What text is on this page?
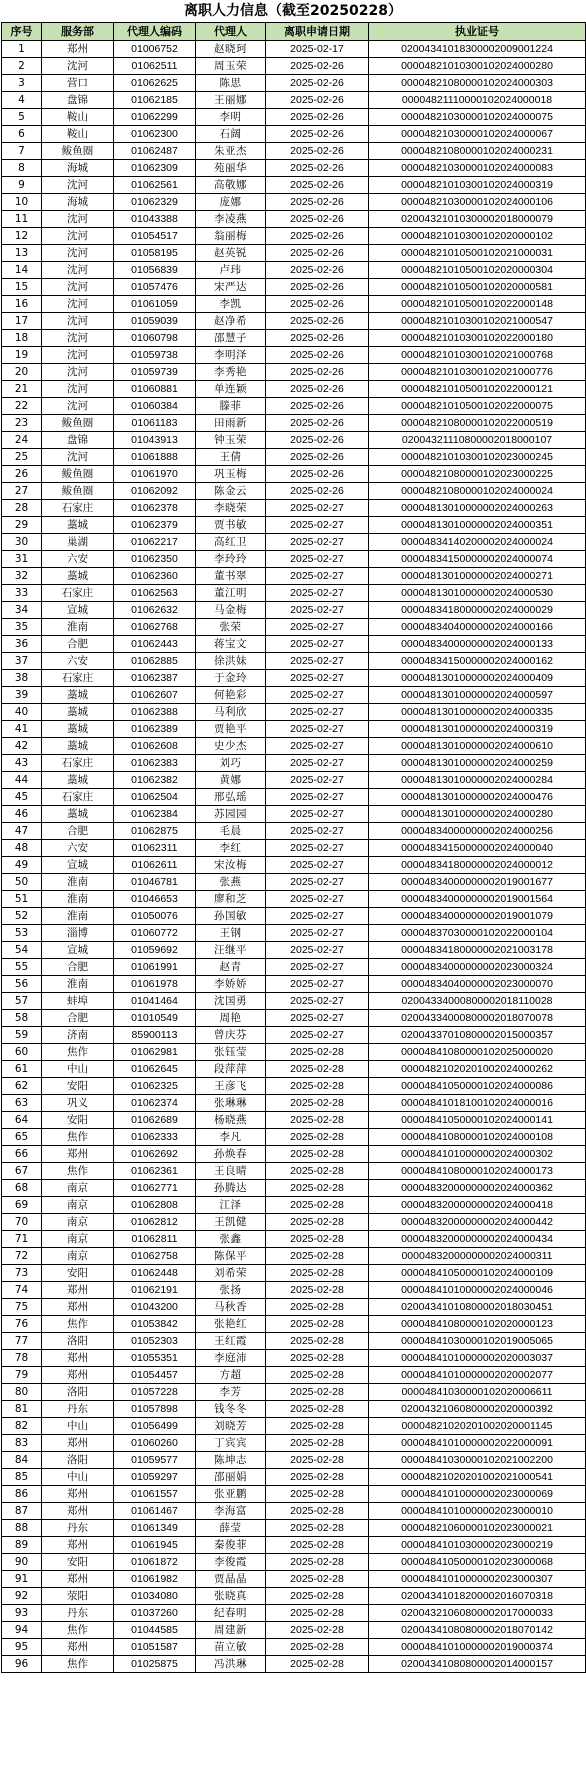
离职人力信息（截至20250228）
序号	服务部	代理人编码	代理人	离职申请日期	执业证号
1	郑州	01006752	赵晓珂	2025-02-17	02004341018300002009001224
2	沈河	01062511	周玉荣	2025-02-26	00004821010300102024000280
3	营口	01062625	陈思	2025-02-26	00004821080000102024000303
4	盘锦	01062185	王丽娜	2025-02-26	00004821110000102024000018
5	鞍山	01062299	李明	2025-02-26	00004821030000102024000075
6	鞍山	01062300	石阔	2025-02-26	00004821030000102024000067
7	鲅鱼圈	01062487	朱亚杰	2025-02-26	00004821080000102024000231
8	海城	01062309	苑丽华	2025-02-26	00004821030000102024000083
9	沈河	01062561	高敬娜	2025-02-26	00004821010300102024000319
10	海城	01062329	庞娜	2025-02-26	00004821030000102024000106
11	沈河	01043388	李凌燕	2025-02-26	02004321010300002018000079
12	沈河	01054517	翁丽梅	2025-02-26	00004821010300102020000102
13	沈河	01058195	赵英锐	2025-02-26	00004821010500102021000031
14	沈河	01056839	卢玮	2025-02-26	00004821010500102020000304
15	沈河	01057476	宋严达	2025-02-26	00004821010500102020000581
16	沈河	01061059	李凯	2025-02-26	00004821010500102022000148
17	沈河	01059039	赵净希	2025-02-26	00004821010300102021000547
18	沈河	01060798	邵慧子	2025-02-26	00004821010300102022000180
19	沈河	01059738	李明泽	2025-02-26	00004821010300102021000768
20	沈河	01059739	李秀艳	2025-02-26	00004821010300102021000776
21	沈河	01060881	单连颖	2025-02-26	00004821010500102022000121
22	沈河	01060384	滕菲	2025-02-26	00004821010500102022000075
23	鲅鱼圈	01061183	田雨新	2025-02-26	00004821080000102022000519
24	盘锦	01043913	钟玉荣	2025-02-26	02004321110800002018000107
25	沈河	01061888	王倩	2025-02-26	00004821010300102023000245
26	鲅鱼圈	01061970	巩玉梅	2025-02-26	00004821080000102023000225
27	鲅鱼圈	01062092	陈金云	2025-02-26	00004821080000102024000024
28	石家庄	01062378	李晓荣	2025-02-27	00004813010000002024000263
29	藁城	01062379	贾书敏	2025-02-27	00004813010000002024000351
30	巢湖	01062217	高红卫	2025-02-27	00004834140200002024000024
31	六安	01062350	李玲玲	2025-02-27	00004834150000002024000074
32	藁城	01062360	董书翠	2025-02-27	00004813010000002024000271
33	石家庄	01062563	董江明	2025-02-27	00004813010000002024000530
34	宣城	01062632	马金梅	2025-02-27	00004834180000002024000029
35	淮南	01062768	张荣	2025-02-27	00004834040000002024000166
36	合肥	01062443	蒋宝文	2025-02-27	00004834000000002024000133
37	六安	01062885	徐洪妹	2025-02-27	00004834150000002024000162
38	石家庄	01062387	于金玲	2025-02-27	00004813010000002024000409
39	藁城	01062607	何艳彩	2025-02-27	00004813010000002024000597
40	藁城	01062388	马利欣	2025-02-27	00004813010000002024000335
41	藁城	01062389	贾艳平	2025-02-27	00004813010000002024000319
42	藁城	01062608	史少杰	2025-02-27	00004813010000002024000610
43	石家庄	01062383	刘巧	2025-02-27	00004813010000002024000259
44	藁城	01062382	黄娜	2025-02-27	00004813010000002024000284
45	石家庄	01062504	邢弘瑶	2025-02-27	00004813010000002024000476
46	藁城	01062384	苏园园	2025-02-27	00004813010000002024000280
47	合肥	01062875	毛晨	2025-02-27	00004834000000002024000256
48	六安	01062311	李红	2025-02-27	00004834150000002024000040
49	宣城	01062611	宋汝梅	2025-02-27	00004834180000002024000012
50	淮南	01046781	张燕	2025-02-27	00004834000000002019001677
51	淮南	01046653	廖和芝	2025-02-27	00004834000000002019001564
52	淮南	01050076	孙国敏	2025-02-27	00004834000000002019001079
53	淄博	01060772	王钢	2025-02-27	00004837030000102022000104
54	宣城	01059692	汪继平	2025-02-27	00004834180000002021003178
55	合肥	01061991	赵青	2025-02-27	00004834000000002023000324
56	淮南	01061978	李娇娇	2025-02-27	00004834040000002023000070
57	蚌埠	01041464	沈国勇	2025-02-27	02004334000800002018110028
58	合肥	01010549	周艳	2025-02-27	02004334000800002018070078
59	济南	85900113	曾庆芬	2025-02-27	02004337010800002015000357
60	焦作	01062981	张钰莹	2025-02-28	00004841080000102025000020
61	中山	01062645	段萍萍	2025-02-28	00004821020201002024000262
62	安阳	01062325	王彦飞	2025-02-28	00004841050000102024000086
63	巩义	01062374	张琳琳	2025-02-28	00004841018100102024000016
64	安阳	01062689	杨晓燕	2025-02-28	00004841050000102024000141
65	焦作	01062333	李凡	2025-02-28	00004841080000102024000108
66	郑州	01062692	孙焕春	2025-02-28	00004841010000002024000302
67	焦作	01062361	王良晴	2025-02-28	00004841080000102024000173
68	南京	01062771	孙腾达	2025-02-28	00004832000000002024000362
69	南京	01062808	江泽	2025-02-28	00004832000000002024000418
70	南京	01062812	王凯健	2025-02-28	00004832000000002024000442
71	南京	01062811	张鑫	2025-02-28	00004832000000002024000434
72	南京	01062758	陈保平	2025-02-28	00004832000000002024000311
73	安阳	01062448	刘希荣	2025-02-28	00004841050000102024000109
74	郑州	01062191	张扬	2025-02-28	00004841010000002024000046
75	郑州	01043200	马秋香	2025-02-28	02004341010800002018030451
76	焦作	01053842	张艳红	2025-02-28	00004841080000102020000123
77	洛阳	01052303	王红霞	2025-02-28	00004841030000102019005065
78	郑州	01055351	李庭沛	2025-02-28	00004841010000002020003037
79	郑州	01054457	方超	2025-02-28	00004841010000002020002077
80	洛阳	01057228	李芳	2025-02-28	00004841030000102020006611
81	丹东	01057898	钱冬冬	2025-02-28	02004321060800002020000392
82	中山	01056499	刘晓芳	2025-02-28	00004821020201002020001145
83	郑州	01060260	丁宾宾	2025-02-28	00004841010000002022000091
84	洛阳	01059577	陈坤志	2025-02-28	00004841030000102021002200
85	中山	01059297	邵丽娟	2025-02-28	00004821020201002021000541
86	郑州	01061557	张亚鹏	2025-02-28	00004841010000002023000069
87	郑州	01061467	李海富	2025-02-28	00004841010000002023000010
88	丹东	01061349	薛莹	2025-02-28	00004821060000102023000021
89	郑州	01061945	秦俊菲	2025-02-28	00004841010300002023000219
90	安阳	01061872	李俊霞	2025-02-28	00004841050000102023000068
91	郑州	01061982	贾晶晶	2025-02-28	00004841010000002023000307
92	荥阳	01034080	张晓真	2025-02-28	02004341018200002016070318
93	丹东	01037260	纪春明	2025-02-28	02004321060800002017000033
94	焦作	01044585	周建新	2025-02-28	02004341080800002018070142
95	郑州	01051587	苗立敏	2025-02-28	00004841010000002019000374
96	焦作	01025875	冯洪琳	2025-02-28	02004341080800002014000157
